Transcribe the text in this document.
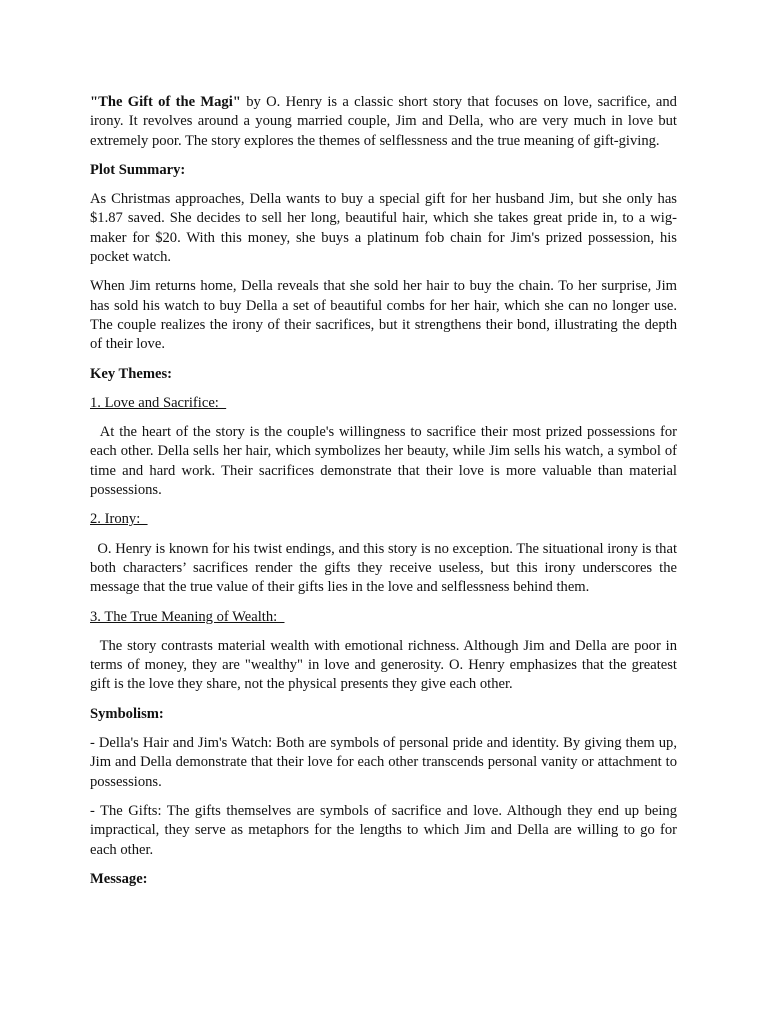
"The Gift of the Magi" by O. Henry is a classic short story that focuses on love, sacrifice, and irony. It revolves around a young married couple, Jim and Della, who are very much in love but extremely poor. The story explores the themes of selflessness and the true meaning of gift-giving.

Plot Summary:

As Christmas approaches, Della wants to buy a special gift for her husband Jim, but she only has $1.87 saved. She decides to sell her long, beautiful hair, which she takes great pride in, to a wig-maker for $20. With this money, she buys a platinum fob chain for Jim's prized possession, his pocket watch.

When Jim returns home, Della reveals that she sold her hair to buy the chain. To her surprise, Jim has sold his watch to buy Della a set of beautiful combs for her hair, which she can no longer use. The couple realizes the irony of their sacrifices, but it strengthens their bond, illustrating the depth of their love.

Key Themes:

1. Love and Sacrifice:

At the heart of the story is the couple's willingness to sacrifice their most prized possessions for each other. Della sells her hair, which symbolizes her beauty, while Jim sells his watch, a symbol of time and hard work. Their sacrifices demonstrate that their love is more valuable than material possessions.

2. Irony:

O. Henry is known for his twist endings, and this story is no exception. The situational irony is that both characters’ sacrifices render the gifts they receive useless, but this irony underscores the message that the true value of their gifts lies in the love and selflessness behind them.

3. The True Meaning of Wealth:

The story contrasts material wealth with emotional richness. Although Jim and Della are poor in terms of money, they are "wealthy" in love and generosity. O. Henry emphasizes that the greatest gift is the love they share, not the physical presents they give each other.

Symbolism:

- Della's Hair and Jim's Watch: Both are symbols of personal pride and identity. By giving them up, Jim and Della demonstrate that their love for each other transcends personal vanity or attachment to possessions.

- The Gifts: The gifts themselves are symbols of sacrifice and love. Although they end up being impractical, they serve as metaphors for the lengths to which Jim and Della are willing to go for each other.

Message:
